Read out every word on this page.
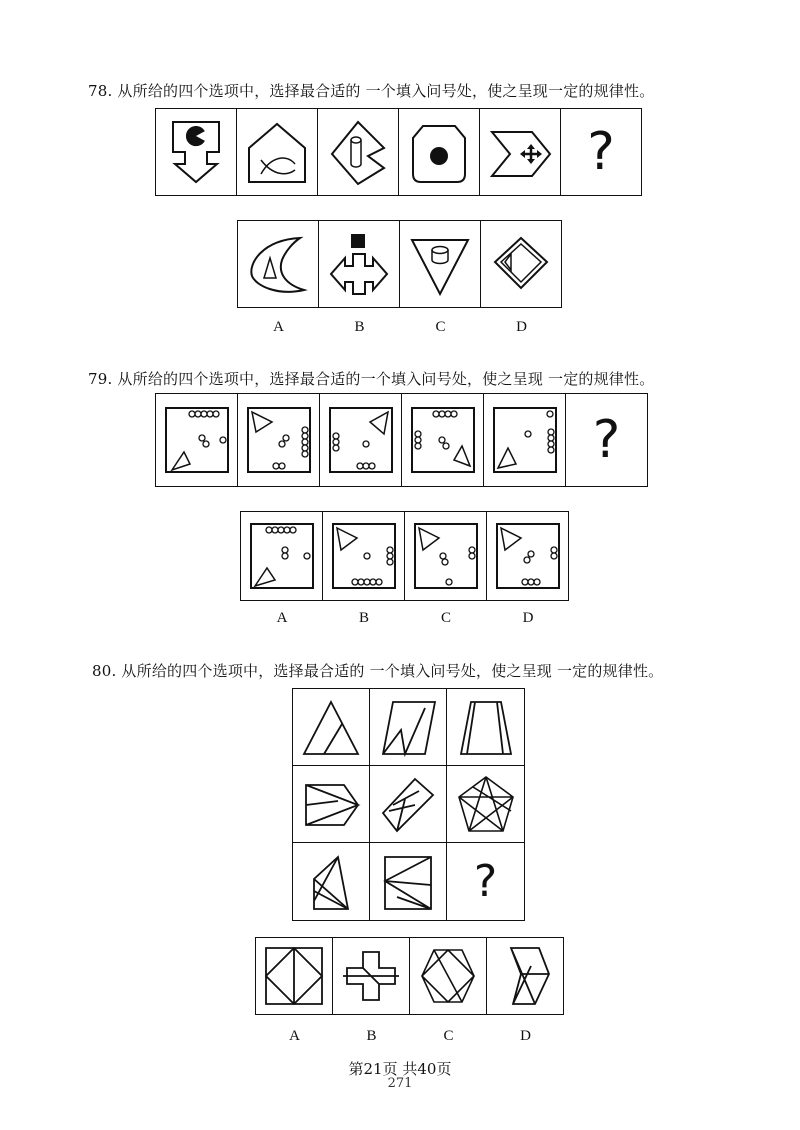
78. 从所给的四个选项中，选择最合适的 一个填入问号处，使之呈现一定的规律性。
?
A	B	C	D
79. 从所给的四个选项中，选择最合适的一个填入问号处，使之呈现 一定的规律性。
?
A	B	C	D
80. 从所给的四个选项中，选择最合适的 一个填入问号处，使之呈现 一定的规律性。
?
A	B	C	D
第21页 共40页
271
